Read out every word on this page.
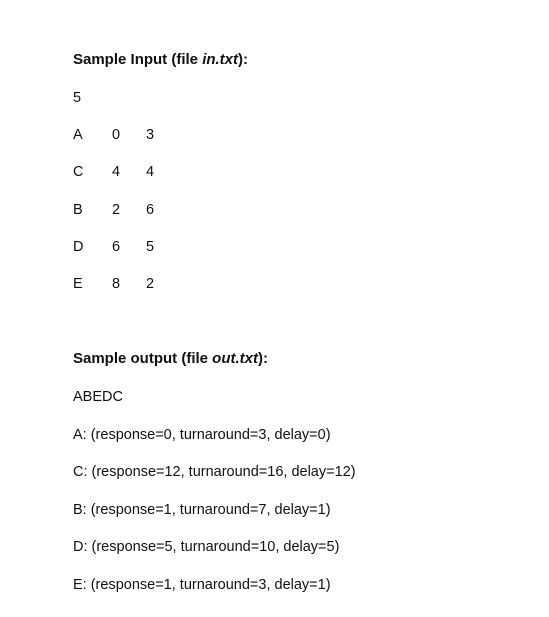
Sample Input (file in.txt):
5
A 0 3
C 4 4
B 2 6
D 6 5
E 8 2
Sample output (file out.txt):
ABEDC
A: (response=0, turnaround=3, delay=0)
C: (response=12, turnaround=16, delay=12)
B: (response=1, turnaround=7, delay=1)
D: (response=5, turnaround=10, delay=5)
E: (response=1, turnaround=3, delay=1)
